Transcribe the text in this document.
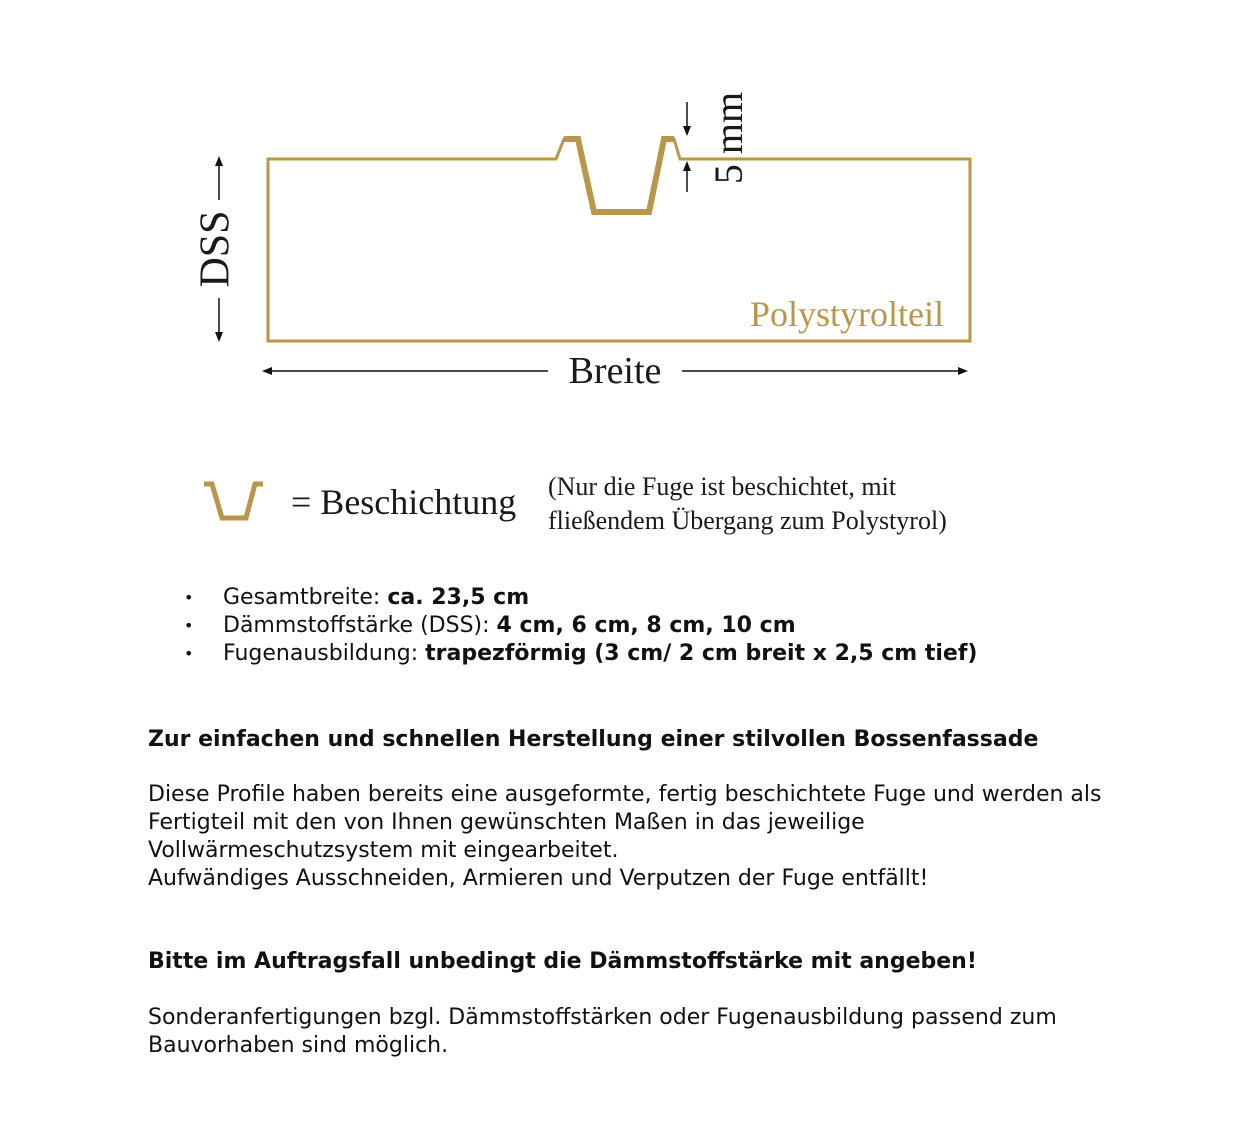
5 mm
DSS
Polystyrolteil
Breite
= Beschichtung (Nur die Fuge ist beschichtet, mit
fließendem Übergang zum Polystyrol)
• Gesamtbreite: ca. 23,5 cm
• Dämmstoffstärke (DSS): 4 cm, 6 cm, 8 cm, 10 cm
• Fugenausbildung: trapezförmig (3 cm/ 2 cm breit x 2,5 cm tief)

Zur einfachen und schnellen Herstellung einer stilvollen Bossenfassade

Diese Profile haben bereits eine ausgeformte, fertig beschichtete Fuge und werden als
Fertigteil mit den von Ihnen gewünschten Maßen in das jeweilige
Vollwärmeschutzsystem mit eingearbeitet.
Aufwändiges Ausschneiden, Armieren und Verputzen der Fuge entfällt!

Bitte im Auftragsfall unbedingt die Dämmstoffstärke mit angeben!

Sonderanfertigungen bzgl. Dämmstoffstärken oder Fugenausbildung passend zum
Bauvorhaben sind möglich.
